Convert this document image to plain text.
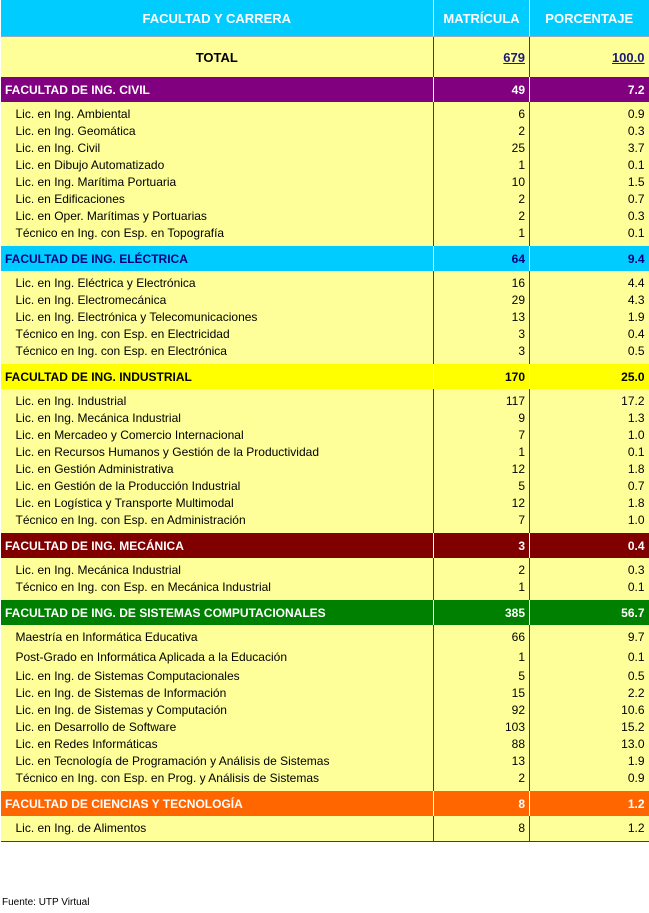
FACULTAD Y CARRERA	MATRÍCULA	PORCENTAJE
TOTAL	679	100.0
FACULTAD DE ING. CIVIL	49	7.2

Lic. en Ing. Ambiental	6	0.9
Lic. en Ing. Geomática	2	0.3
Lic. en Ing. Civil	25	3.7
Lic. en Dibujo Automatizado	1	0.1
Lic. en Ing. Marítima Portuaria	10	1.5
Lic. en Edificaciones	2	0.7
Lic. en Oper. Marítimas y Portuarias	2	0.3
Técnico en Ing. con Esp. en Topografía	1	0.1

FACULTAD DE ING. ELÉCTRICA	64	9.4

Lic. en Ing. Eléctrica y Electrónica	16	4.4
Lic. en Ing. Electromecánica	29	4.3
Lic. en Ing. Electrónica y Telecomunicaciones	13	1.9
Técnico en Ing. con Esp. en Electricidad	3	0.4
Técnico en Ing. con Esp. en Electrónica	3	0.5

FACULTAD DE ING. INDUSTRIAL	170	25.0

Lic. en Ing. Industrial	117	17.2
Lic. en Ing. Mecánica Industrial	9	1.3
Lic. en Mercadeo y Comercio Internacional	7	1.0
Lic. en Recursos Humanos y Gestión de la Productividad	1	0.1
Lic. en Gestión Administrativa	12	1.8
Lic. en Gestión de la Producción Industrial	5	0.7
Lic. en Logística y Transporte Multimodal	12	1.8
Técnico en Ing. con Esp. en Administración	7	1.0

FACULTAD DE ING. MECÁNICA	3	0.4

Lic. en Ing. Mecánica Industrial	2	0.3
Técnico en Ing. con Esp. en Mecánica Industrial	1	0.1

FACULTAD DE ING. DE SISTEMAS COMPUTACIONALES	385	56.7

Maestría en Informática Educativa	66	9.7
Post-Grado en Informática Aplicada a la Educación	1	0.1
Lic. en Ing. de Sistemas Computacionales	5	0.5
Lic. en Ing. de Sistemas de Información	15	2.2
Lic. en Ing. de Sistemas y Computación	92	10.6
Lic. en Desarrollo de Software	103	15.2
Lic. en Redes Informáticas	88	13.0
Lic. en Tecnología de Programación y Análisis de Sistemas	13	1.9
Técnico en Ing. con Esp. en Prog. y Análisis de Sistemas	2	0.9

FACULTAD DE CIENCIAS Y TECNOLOGÍA	8	1.2

Lic. en Ing. de Alimentos	8	1.2

Fuente: UTP Virtual
